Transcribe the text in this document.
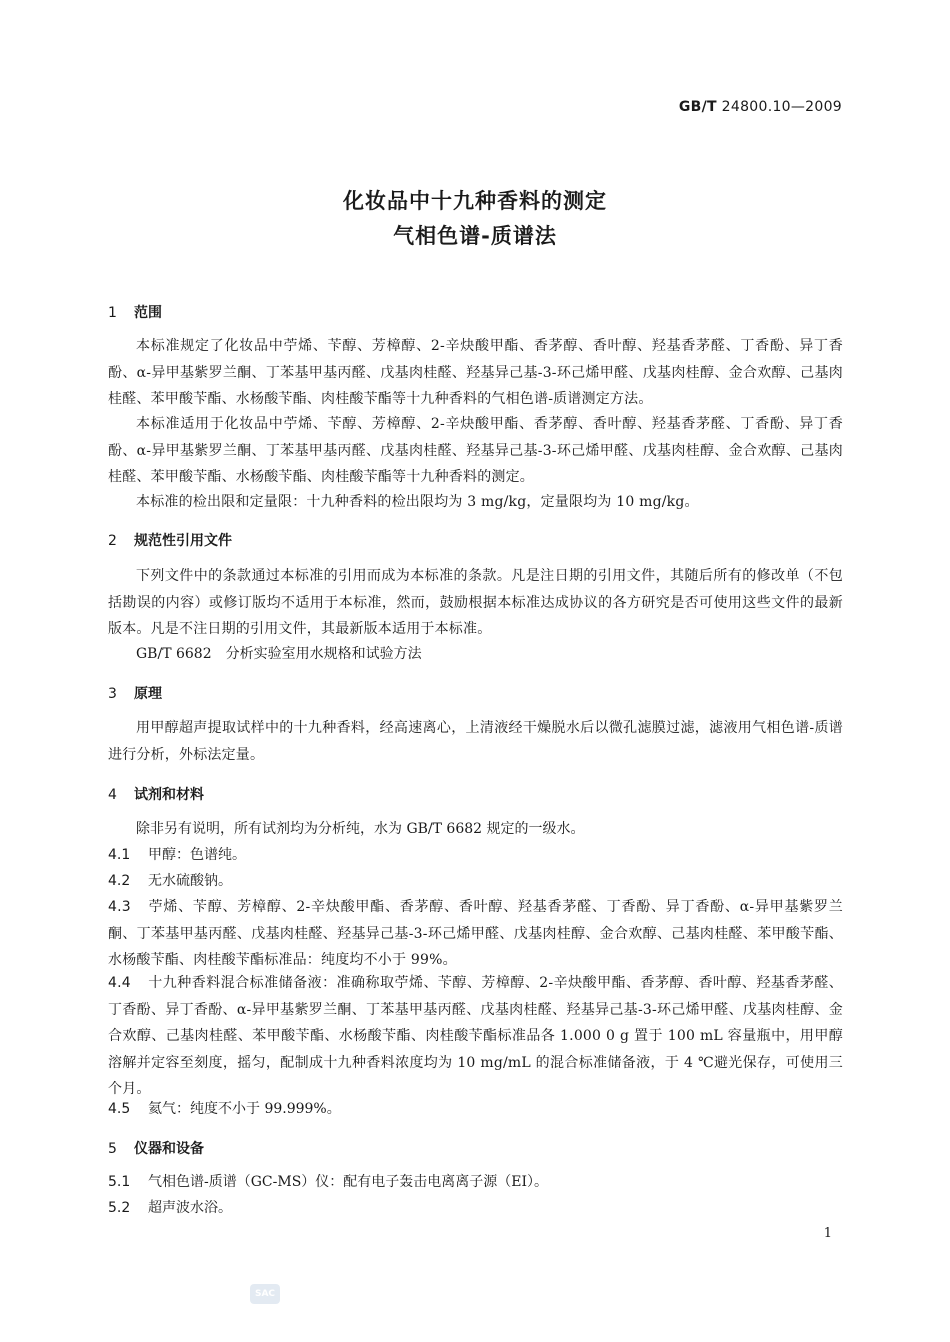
GB/T 24800.10—2009
化妆品中十九种香料的测定
气相色谱-质谱法
1 范围
本标准规定了化妆品中苧烯、苄醇、芳樟醇、2-辛炔酸甲酯、香茅醇、香叶醇、羟基香茅醛、丁香酚、异丁香酚、α-异甲基紫罗兰酮、丁苯基甲基丙醛、戊基肉桂醛、羟基异己基-3-环己烯甲醛、戊基肉桂醇、金合欢醇、己基肉桂醛、苯甲酸苄酯、水杨酸苄酯、肉桂酸苄酯等十九种香料的气相色谱-质谱测定方法。
本标准适用于化妆品中苧烯、苄醇、芳樟醇、2-辛炔酸甲酯、香茅醇、香叶醇、羟基香茅醛、丁香酚、异丁香酚、α-异甲基紫罗兰酮、丁苯基甲基丙醛、戊基肉桂醛、羟基异己基-3-环己烯甲醛、戊基肉桂醇、金合欢醇、己基肉桂醛、苯甲酸苄酯、水杨酸苄酯、肉桂酸苄酯等十九种香料的测定。
本标准的检出限和定量限：十九种香料的检出限均为 3 mg/kg，定量限均为 10 mg/kg。
2 规范性引用文件
下列文件中的条款通过本标准的引用而成为本标准的条款。凡是注日期的引用文件，其随后所有的修改单（不包括勘误的内容）或修订版均不适用于本标准，然而，鼓励根据本标准达成协议的各方研究是否可使用这些文件的最新版本。凡是不注日期的引用文件，其最新版本适用于本标准。
GB/T 6682　分析实验室用水规格和试验方法
3 原理
用甲醇超声提取试样中的十九种香料，经高速离心，上清液经干燥脱水后以微孔滤膜过滤，滤液用气相色谱-质谱进行分析，外标法定量。
4 试剂和材料
除非另有说明，所有试剂均为分析纯，水为 GB/T 6682 规定的一级水。
4.1 甲醇：色谱纯。
4.2 无水硫酸钠。
4.3 苧烯、苄醇、芳樟醇、2-辛炔酸甲酯、香茅醇、香叶醇、羟基香茅醛、丁香酚、异丁香酚、α-异甲基紫罗兰酮、丁苯基甲基丙醛、戊基肉桂醛、羟基异己基-3-环己烯甲醛、戊基肉桂醇、金合欢醇、己基肉桂醛、苯甲酸苄酯、水杨酸苄酯、肉桂酸苄酯标准品：纯度均不小于 99%。
4.4 十九种香料混合标准储备液：准确称取苧烯、苄醇、芳樟醇、2-辛炔酸甲酯、香茅醇、香叶醇、羟基香茅醛、丁香酚、异丁香酚、α-异甲基紫罗兰酮、丁苯基甲基丙醛、戊基肉桂醛、羟基异己基-3-环己烯甲醛、戊基肉桂醇、金合欢醇、己基肉桂醛、苯甲酸苄酯、水杨酸苄酯、肉桂酸苄酯标准品各 1.000 0 g 置于 100 mL 容量瓶中，用甲醇溶解并定容至刻度，摇匀，配制成十九种香料浓度均为 10 mg/mL 的混合标准储备液，于 4 ℃避光保存，可使用三个月。
4.5 氦气：纯度不小于 99.999%。
5 仪器和设备
5.1 气相色谱-质谱（GC-MS）仪：配有电子轰击电离离子源（EI）。
5.2 超声波水浴。
1
SAC
